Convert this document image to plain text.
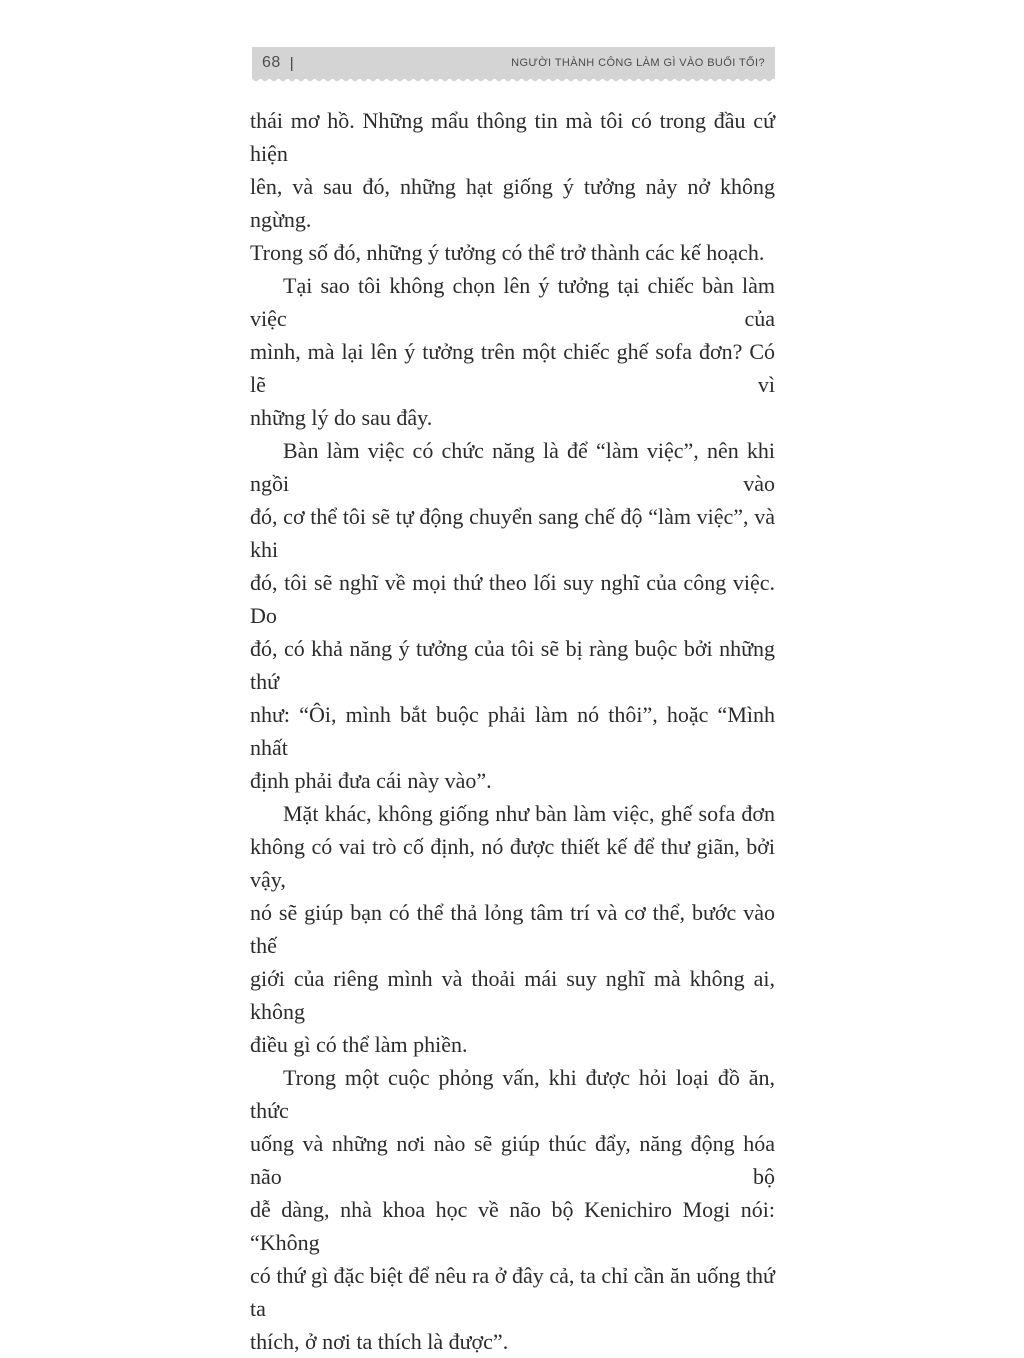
68 |	NGƯỜI THÀNH CÔNG LÀM GÌ VÀO BUỔI TỐI?
thái mơ hồ. Những mẩu thông tin mà tôi có trong đầu cứ hiện
lên, và sau đó, những hạt giống ý tưởng nảy nở không ngừng.
Trong số đó, những ý tưởng có thể trở thành các kế hoạch.
Tại sao tôi không chọn lên ý tưởng tại chiếc bàn làm việc của
mình, mà lại lên ý tưởng trên một chiếc ghế sofa đơn? Có lẽ vì
những lý do sau đây.
Bàn làm việc có chức năng là để “làm việc”, nên khi ngồi vào
đó, cơ thể tôi sẽ tự động chuyển sang chế độ “làm việc”, và khi
đó, tôi sẽ nghĩ về mọi thứ theo lối suy nghĩ của công việc. Do
đó, có khả năng ý tưởng của tôi sẽ bị ràng buộc bởi những thứ
như: “Ôi, mình bắt buộc phải làm nó thôi”, hoặc “Mình nhất
định phải đưa cái này vào”.
Mặt khác, không giống như bàn làm việc, ghế sofa đơn
không có vai trò cố định, nó được thiết kế để thư giãn, bởi vậy,
nó sẽ giúp bạn có thể thả lỏng tâm trí và cơ thể, bước vào thế
giới của riêng mình và thoải mái suy nghĩ mà không ai, không
điều gì có thể làm phiền.
Trong một cuộc phỏng vấn, khi được hỏi loại đồ ăn, thức
uống và những nơi nào sẽ giúp thúc đẩy, năng động hóa não bộ
dễ dàng, nhà khoa học về não bộ Kenichiro Mogi nói: “Không
có thứ gì đặc biệt để nêu ra ở đây cả, ta chỉ cần ăn uống thứ ta
thích, ở nơi ta thích là được”.
